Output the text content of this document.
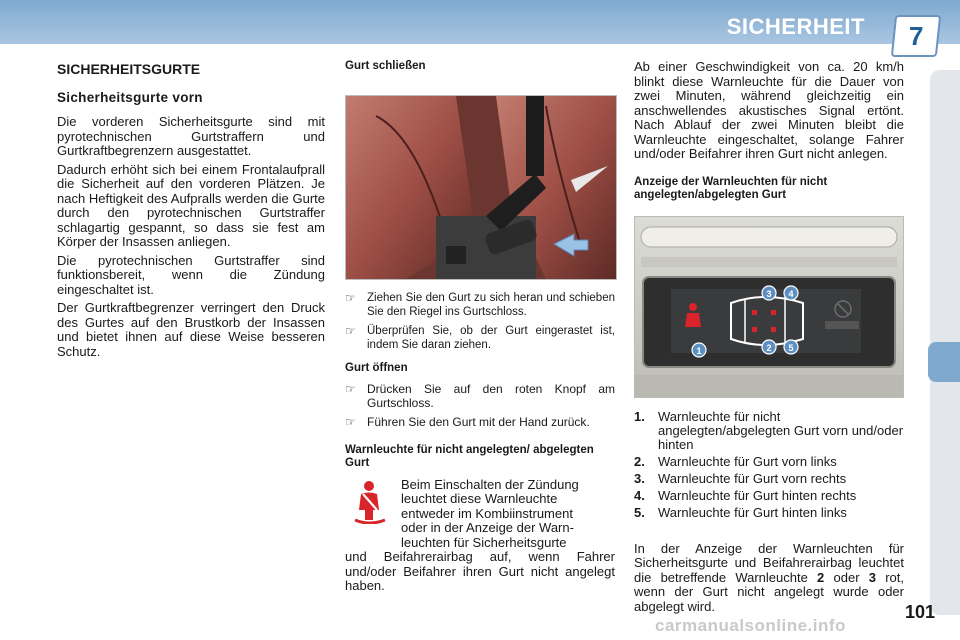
SICHERHEIT 7
SICHERHEITSGURTE
Sicherheitsgurte vorn

Die vorderen Sicherheitsgurte sind mit pyrotechnischen Gurtstraffern und Gurtkraftbegrenzern ausgestattet.

Dadurch erhöht sich bei einem Frontalaufprall die Sicherheit auf den vorderen Plätzen. Je nach Heftigkeit des Aufpralls werden die Gurte durch den pyrotechnischen Gurtstraffer schlagartig gespannt, so dass sie fest am Körper der Insassen anliegen.

Die pyrotechnischen Gurtstraffer sind funktionsbereit, wenn die Zündung eingeschaltet ist.

Der Gurtkraftbegrenzer verringert den Druck des Gurtes auf den Brustkorb der Insassen und bietet ihnen auf diese Weise besseren Schutz.

Gurt schließen
☞ Ziehen Sie den Gurt zu sich heran und schieben Sie den Riegel ins Gurtschloss.
☞ Überprüfen Sie, ob der Gurt eingerastet ist, indem Sie daran ziehen.
Gurt öffnen
☞ Drücken Sie auf den roten Knopf am Gurtschloss.
☞ Führen Sie den Gurt mit der Hand zurück.
Warnleuchte für nicht angelegten/ abgelegten Gurt

Beim Einschalten der Zündung

leuchtet diese Warnleuchte

entweder im Kombiinstrument

oder in der Anzeige der Warn-

leuchten für Sicherheitsgurte

und Beifahrerairbag auf, wenn Fahrer und/oder Beifahrer ihren Gurt nicht angelegt haben.

Ab einer Geschwindigkeit von ca. 20 km/h blinkt diese Warnleuchte für die Dauer von zwei Minuten, während gleichzeitig ein anschwellendes akustisches Signal ertönt. Nach Ablauf der zwei Minuten bleibt die Warnleuchte eingeschaltet, solange Fahrer und/oder Beifahrer ihren Gurt nicht anlegen.

Anzeige der Warnleuchten für nicht angelegten/abgelegten Gurt
3 4
1	2 5
1.	Warnleuchte für nicht angelegten/abgelegten Gurt vorn und/oder hinten
2.	Warnleuchte für Gurt vorn links
3.	Warnleuchte für Gurt vorn rechts
4.	Warnleuchte für Gurt hinten rechts
5.	Warnleuchte für Gurt hinten links

In der Anzeige der Warnleuchten für Sicherheitsgurte und Beifahrerairbag leuchtet die betreffende Warnleuchte 2 oder 3 rot, wenn der Gurt nicht angelegt wurde oder abgelegt wird.	101
carmanualsonline.info
